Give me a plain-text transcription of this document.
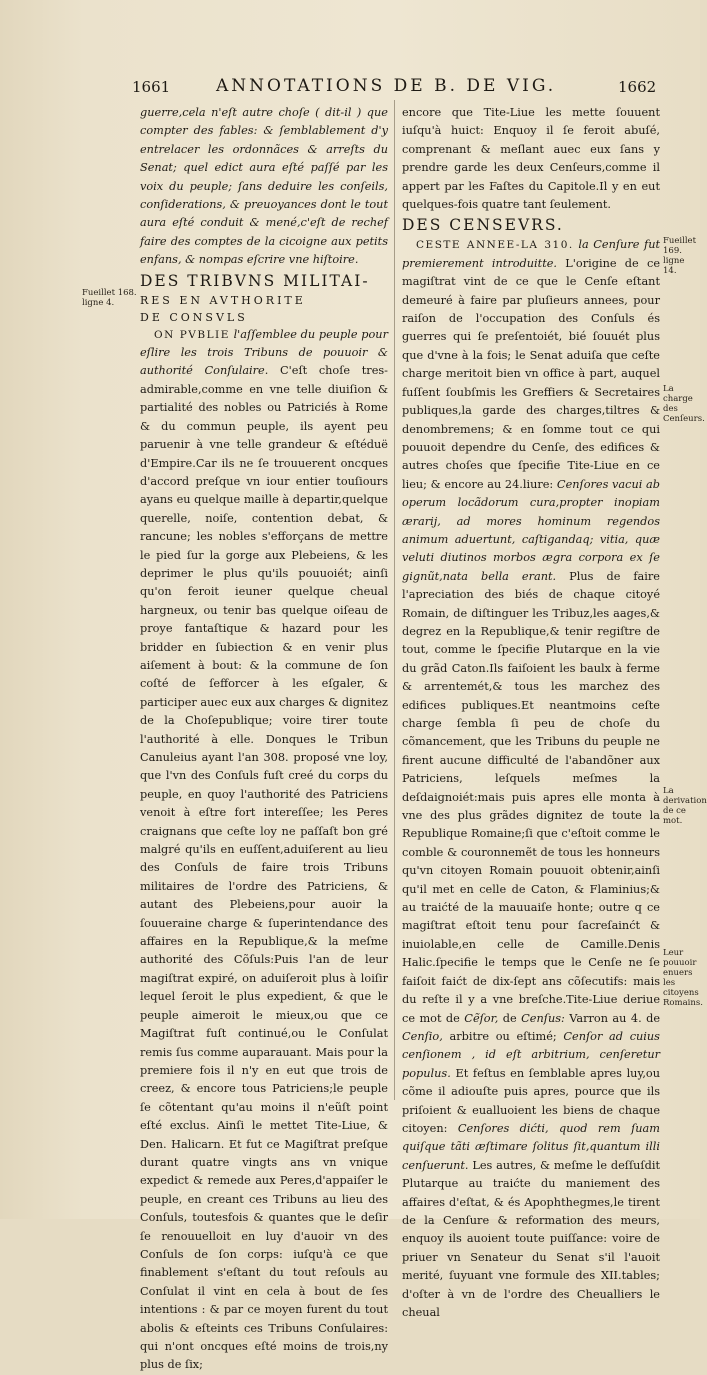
1661	ANNOTATIONS DE B. DE VIG.	1662

guerre,cela n'eſt autre choſe ( dit-il ) que compter des fables: & ſemblablement d'y entrelacer les ordonnãces & arreſts du Senat; quel edict aura eſté paſſé par les voix du peuple; ſans deduire les conſeils, conſiderations, & preuoyances dont le tout aura eſté conduit & mené,c'eſt de rechef faire des comptes de la cicoigne aux petits enfans, & nompas eſcrire vne hiſtoire.

DES TRIBVNS MILITAI-

RES EN AVTHORITE

DE CONSVLS

ON PVBLIE l'aſſemblee du peuple pour eſlire les trois Tribuns de pouuoir & authorité Conſulaire. C'eſt choſe tres-admirable,comme en vne telle diuiſion & partialité des nobles ou Patriciés à Rome & du commun peuple, ils ayent peu paruenir à vne telle grandeur & eſtéduë d'Empire.Car ils ne ſe trouuerent oncques d'accord preſque vn iour entier touſiours ayans eu quelque maille à departir,quelque querelle, noiſe, contention debat, & rancune; les nobles s'efforçans de mettre le pied ſur la gorge aux Plebeiens, & les deprimer le plus qu'ils pouuoiét; ainſi qu'on feroit ieuner quelque cheual hargneux, ou tenir bas quelque oiſeau de proye fantaſtique & hazard pour les bridder en ſubiection & en venir plus aiſement à bout: & la commune de ſon coſté de ſefforcer à les eſgaler, & participer auec eux aux charges & dignitez de la Choſepublique; voire tirer toute l'authorité à elle. Donques le Tribun Canuleius ayant l'an 308. proposé vne loy, que l'vn des Conſuls fuſt creé du corps du peuple, en quoy l'authorité des Patriciens venoit à eſtre fort intereſſee; les Peres craignans que ceſte loy ne paſſaſt bon gré malgré qu'ils en euſſent,aduiſerent au lieu des Conſuls de faire trois Tribuns militaires de l'ordre des Patriciens, & autant des Plebeiens,pour auoir la ſouueraine charge & ſuperintendance des affaires en la Republique,& la meſme authorité des Cõſuls:Puis l'an de leur magiſtrat expiré, on aduiſeroit plus à loiſir lequel ſeroit le plus expedient, & que le peuple aimeroit le mieux,ou que ce Magiſtrat fuſt continué,ou le Conſulat remis ſus comme auparauant. Mais pour la premiere fois il n'y en eut que trois de creez, & encore tous Patriciens;le peuple ſe cõtentant qu'au moins il n'eũſt point eſté exclus. Ainſi le mettet Tite-Liue, & Den. Halicarn. Et fut ce Magiſtrat preſque durant quatre vingts ans vn vnique expedict & remede aux Peres,d'appaiſer le peuple, en creant ces Tribuns au lieu des Conſuls, toutesfois & quantes que le deſir ſe renouuelloit en luy d'auoir vn des Conſuls de ſon corps: iuſqu'à ce que finablement s'eſtant du tout reſouls au Conſulat il vint en cela à bout de ſes intentions : & par ce moyen furent du tout abolis & eſteints ces Tribuns Conſulaires: qui n'ont oncques eſté moins de trois,ny plus de ſix;

encore que Tite-Liue les mette ſouuent iuſqu'à huict: Enquoy il ſe feroit abuſé, comprenant & meſlant auec eux ſans y prendre garde les deux Cenſeurs,comme il appert par les Faſtes du Capitole.Il y en eut quelques-fois quatre tant ſeulement.

DES CENSEVRS.

CESTE ANNEE-LA 310. la Cenſure fut premierement introduitte. L'origine de ce magiſtrat vint de ce que le Cenſe eſtant demeuré à faire par pluſieurs annees, pour raiſon de l'occupation des Conſuls és guerres qui ſe preſentoiét, bié ſouuét plus que d'vne à la fois; le Senat aduiſa que ceſte charge meritoit bien vn office à part, auquel fuſſent ſoubſmis les Greffiers & Secretaires publiques,la garde des charges,tiltres & denombremens; & en ſomme tout ce qui pouuoit dependre du Cenſe, des edifices & autres choſes que ſpecifie Tite-Liue en ce lieu; & encore au 24.liure: Cenſores vacui ab operum locãdorum cura,propter inopiam ærarij, ad mores hominum regendos animum aduertunt, caſtigandaq; vitia, quæ veluti diutinos morbos ægra corpora ex ſe gignũt,nata bella erant. Plus de faire l'apreciation des biés de chaque citoyé Romain, de diſtinguer les Tribuz,les aages,& degrez en la Republique,& tenir regiſtre de tout, comme le ſpecifie Plutarque en la vie du grãd Caton.Ils faiſoient les baulx à ferme & arrentemét,& tous les marchez des edifices publiques.Et neantmoins ceſte charge ſembla ſi peu de choſe du cõmancement, que les Tribuns du peuple ne firent aucune difficulté de l'abandõner aux Patriciens, leſquels meſmes la deſdaignoiét:mais puis apres elle monta à vne des plus grãdes dignitez de toute la Republique Romaine;ſi que c'eſtoit comme le comble & couronnemẽt de tous les honneurs qu'vn citoyen Romain pouuoit obtenir,ainſi qu'il met en celle de Caton, & Flaminius;& au traićté de la mauuaiſe honte; outre q ce magiſtrat eſtoit tenu pour ſacreſainćt & inuiolable,en celle de Camille.Denis Halic.ſpecifie le temps que le Cenſe ne ſe faiſoit faićt de dix-ſept ans cõſecutifs: mais du reſte il y a vne breſche.Tite-Liue deriue ce mot de Cẽſor, de Cenſus: Varron au 4. de Cenſio, arbitre ou eſtimé; Cenſor ad cuius cenſionem , id eſt arbitrium, cenſeretur populus. Et feſtus en ſemblable apres luy,ou cõme il adiouſte puis apres, pource que ils priſoient & eualluoient les biens de chaque citoyen: Cenſores dićti, quod rem ſuam quiſque tãti æſtimare ſolitus ſit,quantum illi cenſuerunt. Les autres, & meſme le deſſuſdit Plutarque au traićte du maniement des affaires d'eſtat, & és Apophthegmes,le tirent de la Cenſure & reformation des meurs, enquoy ils auoient toute puiſſance: voire de priuer vn Senateur du Senat s'il l'auoit merité, ſuyuant vne formule des XII.tables; d'oſter à vn de l'ordre des Cheualliers le cheual

Fueillet 168. ligne 4.
Fueillet 169. ligne 14.
La charge des Cenſeurs.
La derivation de ce mot.
Leur pouuoir enuers les citoyens Romains.
